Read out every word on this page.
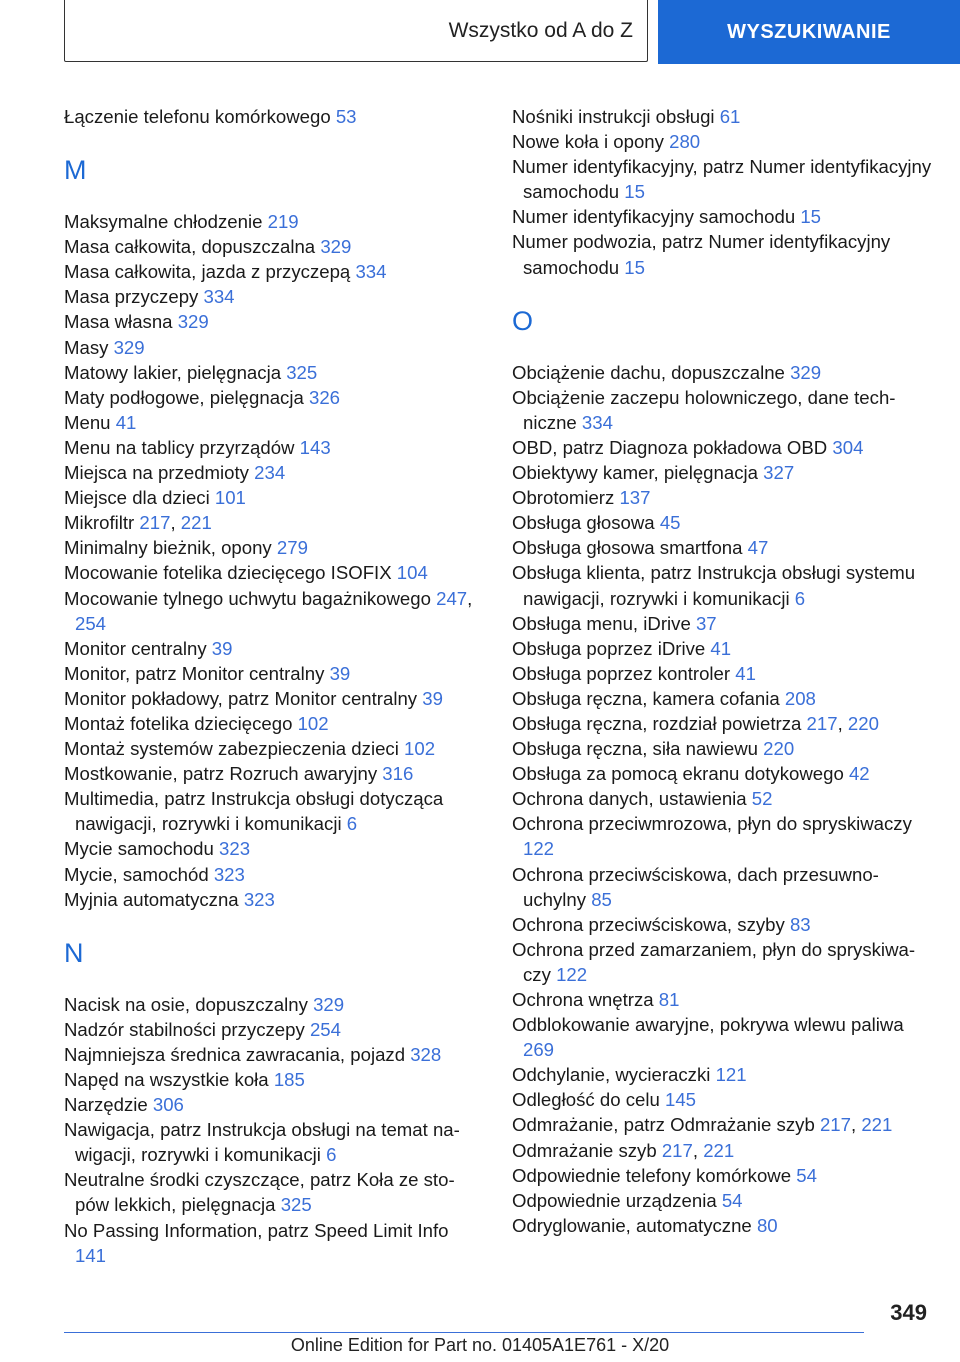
Wszystko od A do Z	WYSZUKIWANIE

Łączenie telefonu komórkowego 53

M

Maksymalne chłodzenie 219

Masa całkowita, dopuszczalna 329

Masa całkowita, jazda z przyczepą 334

Masa przyczepy 334

Masa własna 329

Masy 329

Matowy lakier, pielęgnacja 325

Maty podłogowe, pielęgnacja 326

Menu 41

Menu na tablicy przyrządów 143

Miejsca na przedmioty 234

Miejsce dla dzieci 101

Mikrofiltr 217, 221

Minimalny bieżnik, opony 279

Mocowanie fotelika dziecięcego ISOFIX 104

Mocowanie tylnego uchwytu bagażnikowego 247, 254

Monitor centralny 39

Monitor, patrz Monitor centralny 39

Monitor pokładowy, patrz Monitor centralny 39

Montaż fotelika dziecięcego 102

Montaż systemów zabezpieczenia dzieci 102

Mostkowanie, patrz Rozruch awaryjny 316

Multimedia, patrz Instrukcja obsługi dotycząca nawigacji, rozrywki i komunikacji 6

Mycie samochodu 323

Mycie, samochód 323

Myjnia automatyczna 323

N

Nacisk na osie, dopuszczalny 329

Nadzór stabilności przyczepy 254

Najmniejsza średnica zawracania, pojazd 328

Napęd na wszystkie koła 185

Narzędzie 306

Nawigacja, patrz Instrukcja obsługi na temat nawigacji, rozrywki i komunikacji 6

Neutralne środki czyszczące, patrz Koła ze stopów lekkich, pielęgnacja 325

No Passing Information, patrz Speed Limit Info 141

Nośniki instrukcji obsługi 61

Nowe koła i opony 280

Numer identyfikacyjny, patrz Numer identyfikacyjny samochodu 15

Numer identyfikacyjny samochodu 15

Numer podwozia, patrz Numer identyfikacyjny samochodu 15

O

Obciążenie dachu, dopuszczalne 329

Obciążenie zaczepu holowniczego, dane techniczne 334

OBD, patrz Diagnoza pokładowa OBD 304

Obiektywy kamer, pielęgnacja 327

Obrotomierz 137

Obsługa głosowa 45

Obsługa głosowa smartfona 47

Obsługa klienta, patrz Instrukcja obsługi systemu nawigacji, rozrywki i komunikacji 6

Obsługa menu, iDrive 37

Obsługa poprzez iDrive 41

Obsługa poprzez kontroler 41

Obsługa ręczna, kamera cofania 208

Obsługa ręczna, rozdział powietrza 217, 220

Obsługa ręczna, siła nawiewu 220

Obsługa za pomocą ekranu dotykowego 42

Ochrona danych, ustawienia 52

Ochrona przeciwmrozowa, płyn do spryskiwaczy 122

Ochrona przeciwściskowa, dach przesuwnouchylny 85

Ochrona przeciwściskowa, szyby 83

Ochrona przed zamarzaniem, płyn do spryskiwaczy 122

Ochrona wnętrza 81

Odblokowanie awaryjne, pokrywa wlewu paliwa 269

Odchylanie, wycieraczki 121

Odległość do celu 145

Odmrażanie, patrz Odmrażanie szyb 217, 221

Odmrażanie szyb 217, 221

Odpowiednie telefony komórkowe 54

Odpowiednie urządzenia 54

Odryglowanie, automatyczne 80

349
Online Edition for Part no. 01405A1E761 - X/20
